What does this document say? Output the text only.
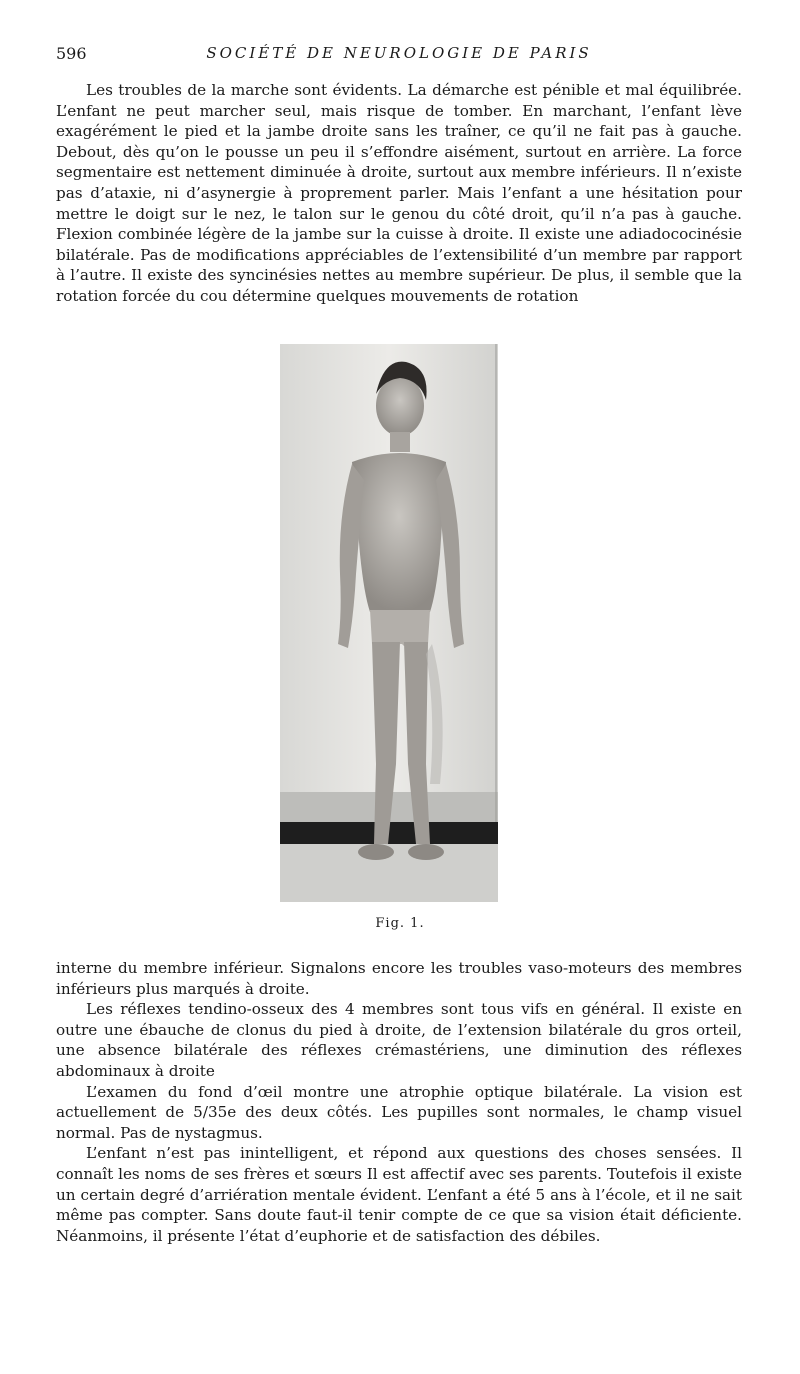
596	SOCIÉTÉ DE NEUROLOGIE DE PARIS

Les troubles de la marche sont évidents. La démarche est pénible et mal équilibrée. L’enfant ne peut marcher seul, mais risque de tomber. En marchant, l’enfant lève exagérément le pied et la jambe droite sans les traîner, ce qu’il ne fait pas à gauche. Debout, dès qu’on le pousse un peu il s’effondre aisément, surtout en arrière. La force segmentaire est nettement diminuée à droite, surtout aux membre inférieurs. Il n’existe pas d’ataxie, ni d’asynergie à proprement parler. Mais l’enfant a une hésitation pour mettre le doigt sur le nez, le talon sur le genou du côté droit, qu’il n’a pas à gauche. Flexion combinée légère de la jambe sur la cuisse à droite. Il existe une adiadococinésie bilatérale. Pas de modifications appréciables de l’extensibilité d’un membre par rapport à l’autre. Il existe des syncinésies nettes au membre supérieur. De plus, il semble que la rotation forcée du cou détermine quelques mouvements de rotation

Fig. 1.

interne du membre inférieur. Signalons encore les troubles vaso-moteurs des membres inférieurs plus marqués à droite.

Les réflexes tendino-osseux des 4 membres sont tous vifs en général. Il existe en outre une ébauche de clonus du pied à droite, de l’extension bilatérale du gros orteil, une absence bilatérale des réflexes crémastériens, une diminution des réflexes abdominaux à droite

L’examen du fond d’œil montre une atrophie optique bilatérale. La vision est actuellement de 5/35e des deux côtés. Les pupilles sont normales, le champ visuel normal. Pas de nystagmus.

L’enfant n’est pas inintelligent, et répond aux questions des choses sensées. Il connaît les noms de ses frères et sœurs Il est affectif avec ses parents. Toutefois il existe un certain degré d’arriération mentale évident. L’enfant a été 5 ans à l’école, et il ne sait même pas compter. Sans doute faut-il tenir compte de ce que sa vision était déficiente. Néanmoins, il présente l’état d’euphorie et de satisfaction des débiles.
